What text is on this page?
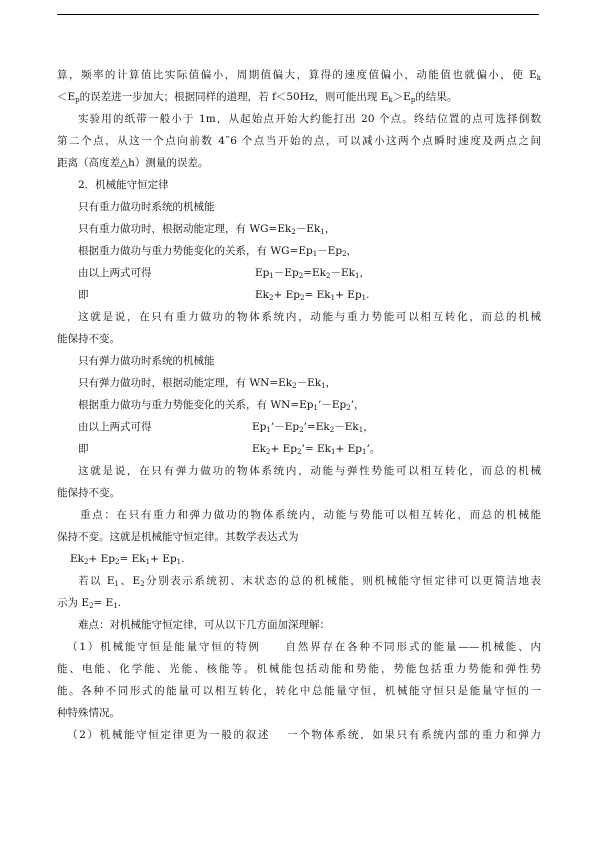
算，频率的计算值比实际值偏小，周期值偏大，算得的速度值偏小，动能值也就偏小，使 $E_k$
$<E_p$的误差进一步加大；根据同样的道理，若 f＜50Hz，则可能出现 $E_k>E_p$的结果。
实验用的纸带一般小于 1m，从起始点开始大约能打出 20 个点。终结位置的点可选择倒数
第二个点，从这一个点向前数 4˜6 个点当开始的点，可以减小这两个点瞬时速度及两点之间
距离（高度差△h）测量的误差。
2．机械能守恒定律
只有重力做功时系统的机械能
只有重力做功时，根据动能定理，有 $WG=Ek_2-Ek_1$，
根据重力做功与重力势能变化的关系，有 $WG=Ep_1-Ep_2$，
由以上两式可得	$Ep_1-Ep_2=Ek_2-Ek_1$，
即	$Ek_2+ Ep_2= Ek_1+ Ep_1$.
这就是说，在只有重力做功的物体系统内，动能与重力势能可以相互转化，而总的机械
能保持不变。
只有弹力做功时系统的机械能
只有弹力做功时，根据动能定理，有 $WN=Ek_2-Ek_1$，
根据重力做功与重力势能变化的关系，有 $WN=Ep_1’-Ep_2$’，
由以上两式可得	$Ep_1’-Ep_2’=Ek_2-Ek_1$，
即	$Ek_2+$ $Ep_2’= Ek_1+ Ep_1$’。
这就是说，在只有弹力做功的物体系统内，动能与弹性势能可以相互转化，而总的机械
能保持不变。
重点：在只有重力和弹力做功的物体系统内，动能与势能可以相互转化，而总的机械能
保持不变。这就是机械能守恒定律。其数学表达式为
$Ek_2+ Ep_2= Ek_1+ Ep_1$.
若以 $E_1$、$E_2$分别表示系统初、末状态的总的机械能，则机械能守恒定律可以更简洁地表
示为 $E_2= E_1$.
难点：对机械能守恒定律，可从以下几方面加深理解：
（1）机械能守恒是能量守恒的特例　　自然界存在各种不同形式的能量——机械能、内
能、电能、化学能、光能、核能等。机械能包括动能和势能，势能包括重力势能和弹性势
能。各种不同形式的能量可以相互转化，转化中总能量守恒，机械能守恒只是能量守恒的一
种特殊情况。
（2）机械能守恒定律更为一般的叙述　 一个物体系统，如果只有系统内部的重力和弹力
